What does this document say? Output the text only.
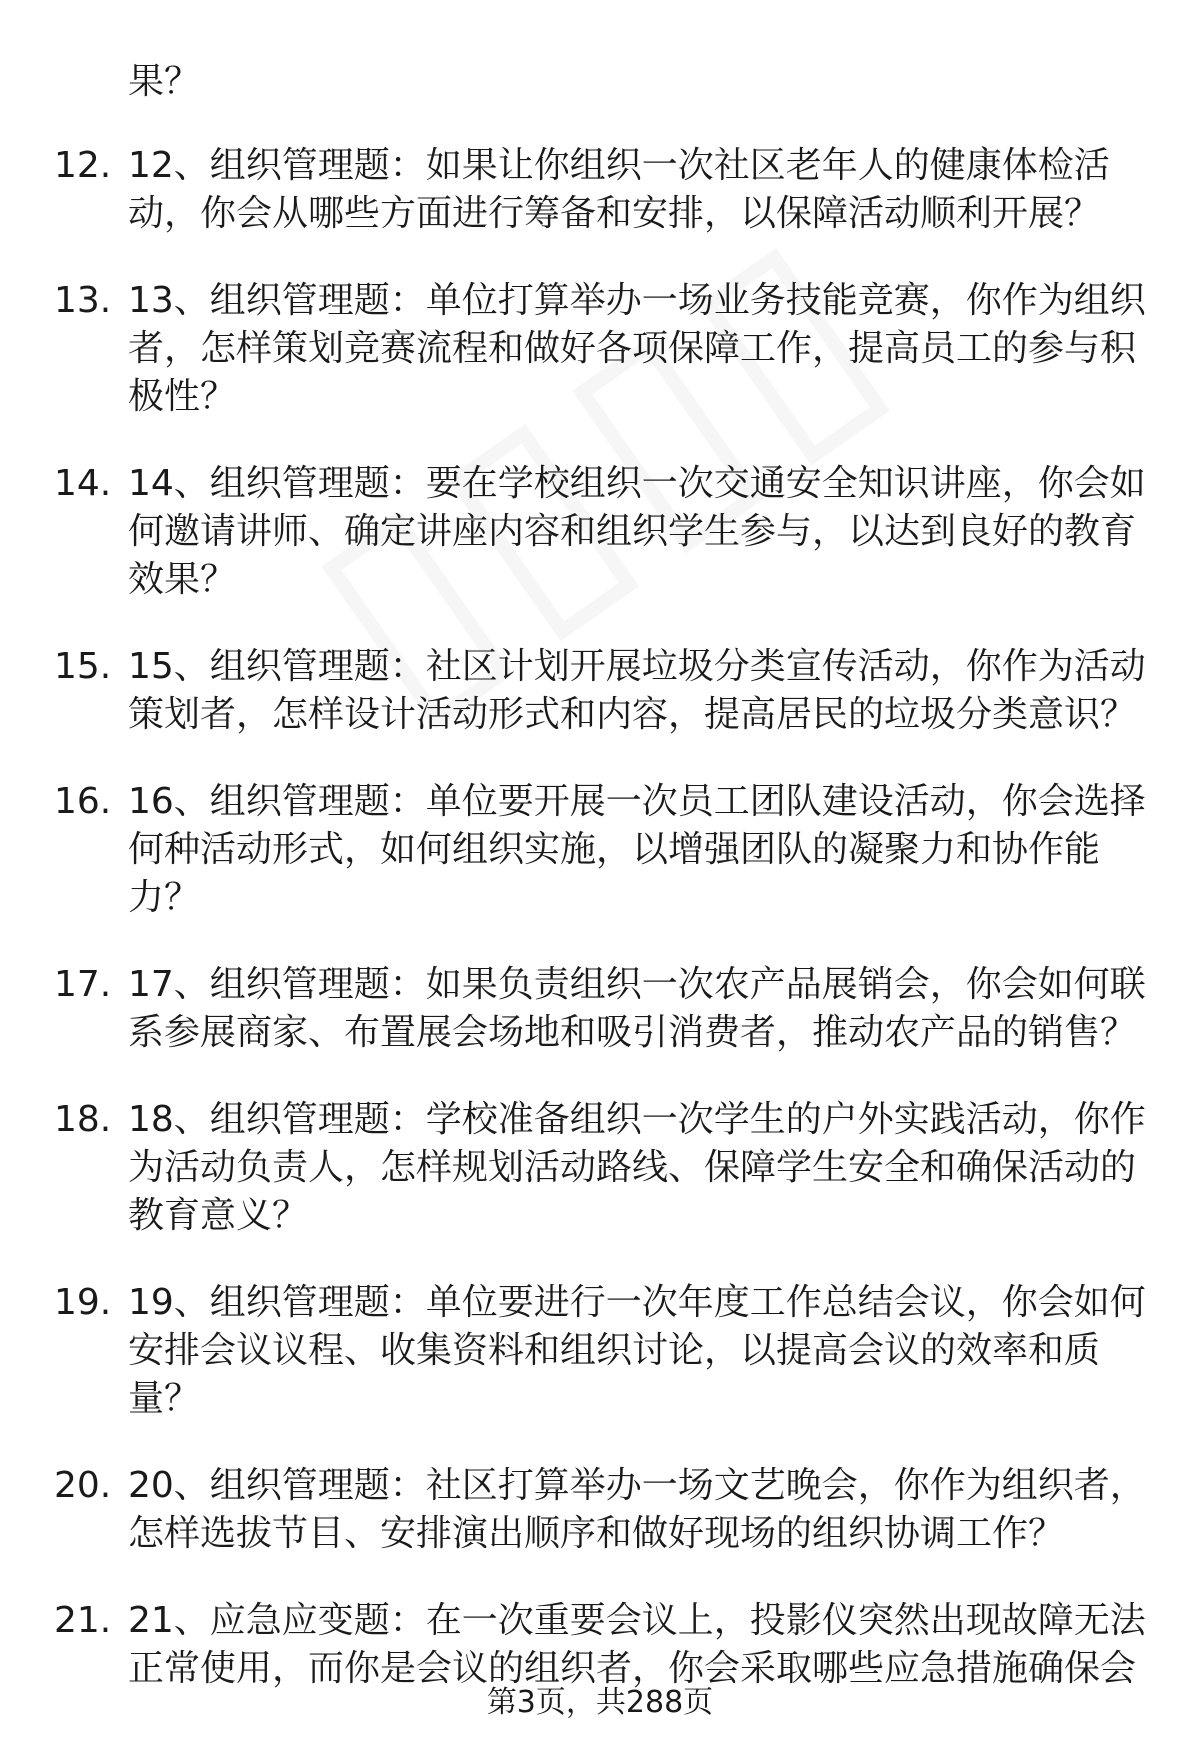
果？

12. 12、组织管理题：如果让你组织一次社区老年人的健康体检活动，你会从哪些方面进行筹备和安排，以保障活动顺利开展？
13. 13、组织管理题：单位打算举办一场业务技能竞赛，你作为组织者，怎样策划竞赛流程和做好各项保障工作，提高员工的参与积极性？
14. 14、组织管理题：要在学校组织一次交通安全知识讲座，你会如何邀请讲师、确定讲座内容和组织学生参与，以达到良好的教育效果？
15. 15、组织管理题：社区计划开展垃圾分类宣传活动，你作为活动策划者，怎样设计活动形式和内容，提高居民的垃圾分类意识？
16. 16、组织管理题：单位要开展一次员工团队建设活动，你会选择何种活动形式，如何组织实施，以增强团队的凝聚力和协作能力？
17. 17、组织管理题：如果负责组织一次农产品展销会，你会如何联系参展商家、布置展会场地和吸引消费者，推动农产品的销售？
18. 18、组织管理题：学校准备组织一次学生的户外实践活动，你作为活动负责人，怎样规划活动路线、保障学生安全和确保活动的教育意义？
19. 19、组织管理题：单位要进行一次年度工作总结会议，你会如何安排会议议程、收集资料和组织讨论，以提高会议的效率和质量？
20. 20、组织管理题：社区打算举办一场文艺晚会，你作为组织者，怎样选拔节目、安排演出顺序和做好现场的组织协调工作？
21. 21、应急应变题：在一次重要会议上，投影仪突然出现故障无法正常使用，而你是会议的组织者，你会采取哪些应急措施确保会
第3页，共288页
